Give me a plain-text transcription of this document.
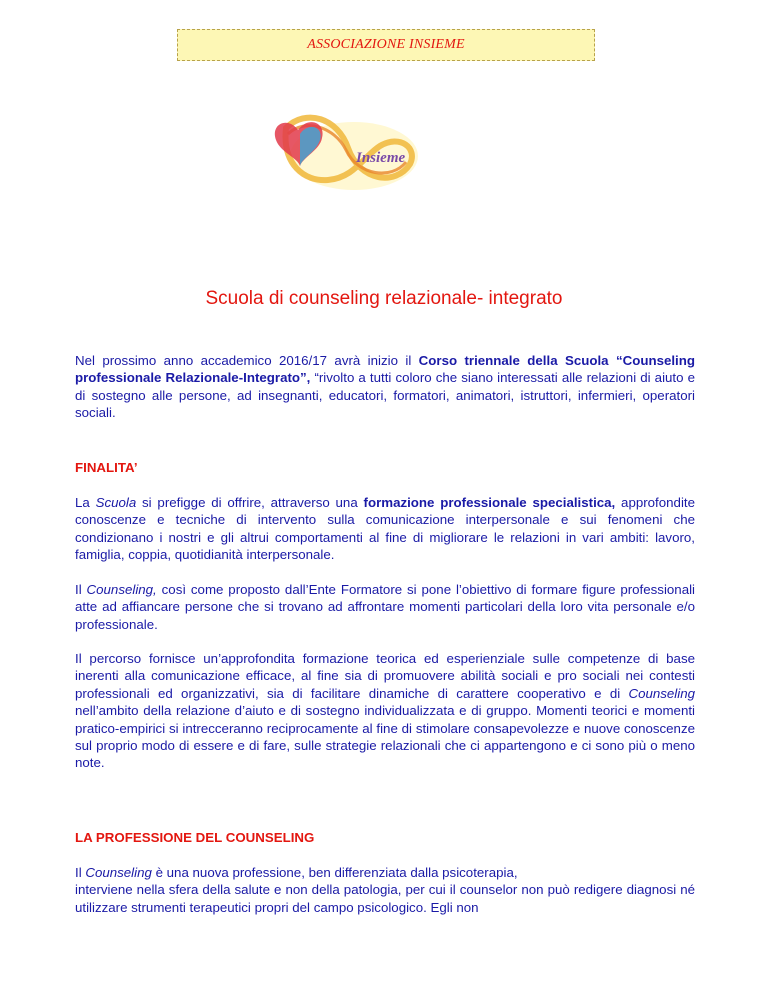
ASSOCIAZIONE INSIEME
Insieme
Scuola di counseling relazionale- integrato

Nel prossimo anno accademico 2016/17 avrà inizio il Corso triennale della Scuola “Counseling professionale Relazionale-Integrato”, “rivolto a tutti coloro che siano interessati alle relazioni di aiuto e di sostegno alle persone, ad insegnanti, educatori, formatori, animatori, istruttori, infermieri, operatori sociali.

FINALITA’

La Scuola si prefigge di offrire, attraverso una formazione professionale specialistica, approfondite conoscenze e tecniche di intervento sulla comunicazione interpersonale e sui fenomeni che condizionano i nostri e gli altrui comportamenti al fine di migliorare le relazioni in vari ambiti: lavoro, famiglia, coppia, quotidianità interpersonale.

Il Counseling, così come proposto dall’Ente Formatore si pone l’obiettivo di formare figure professionali atte ad affiancare persone che si trovano ad affrontare momenti particolari della loro vita personale e/o professionale.

Il percorso fornisce un’approfondita formazione teorica ed esperienziale sulle competenze di base inerenti alla comunicazione efficace, al fine sia di promuovere abilità sociali e pro sociali nei contesti professionali ed organizzativi, sia di facilitare dinamiche di carattere cooperativo e di Counseling nell’ambito della relazione d’aiuto e di sostegno individualizzata e di gruppo. Momenti teorici e momenti pratico-empirici si intrecceranno reciprocamente al fine di stimolare consapevolezze e nuove conoscenze sul proprio modo di essere e di fare, sulle strategie relazionali che ci appartengono e ci sono più o meno note.

LA PROFESSIONE DEL COUNSELING

Il Counseling è una nuova professione, ben differenziata dalla psicoterapia,
interviene nella sfera della salute e non della patologia, per cui il counselor non può redigere diagnosi né utilizzare strumenti terapeutici propri del campo psicologico. Egli non
